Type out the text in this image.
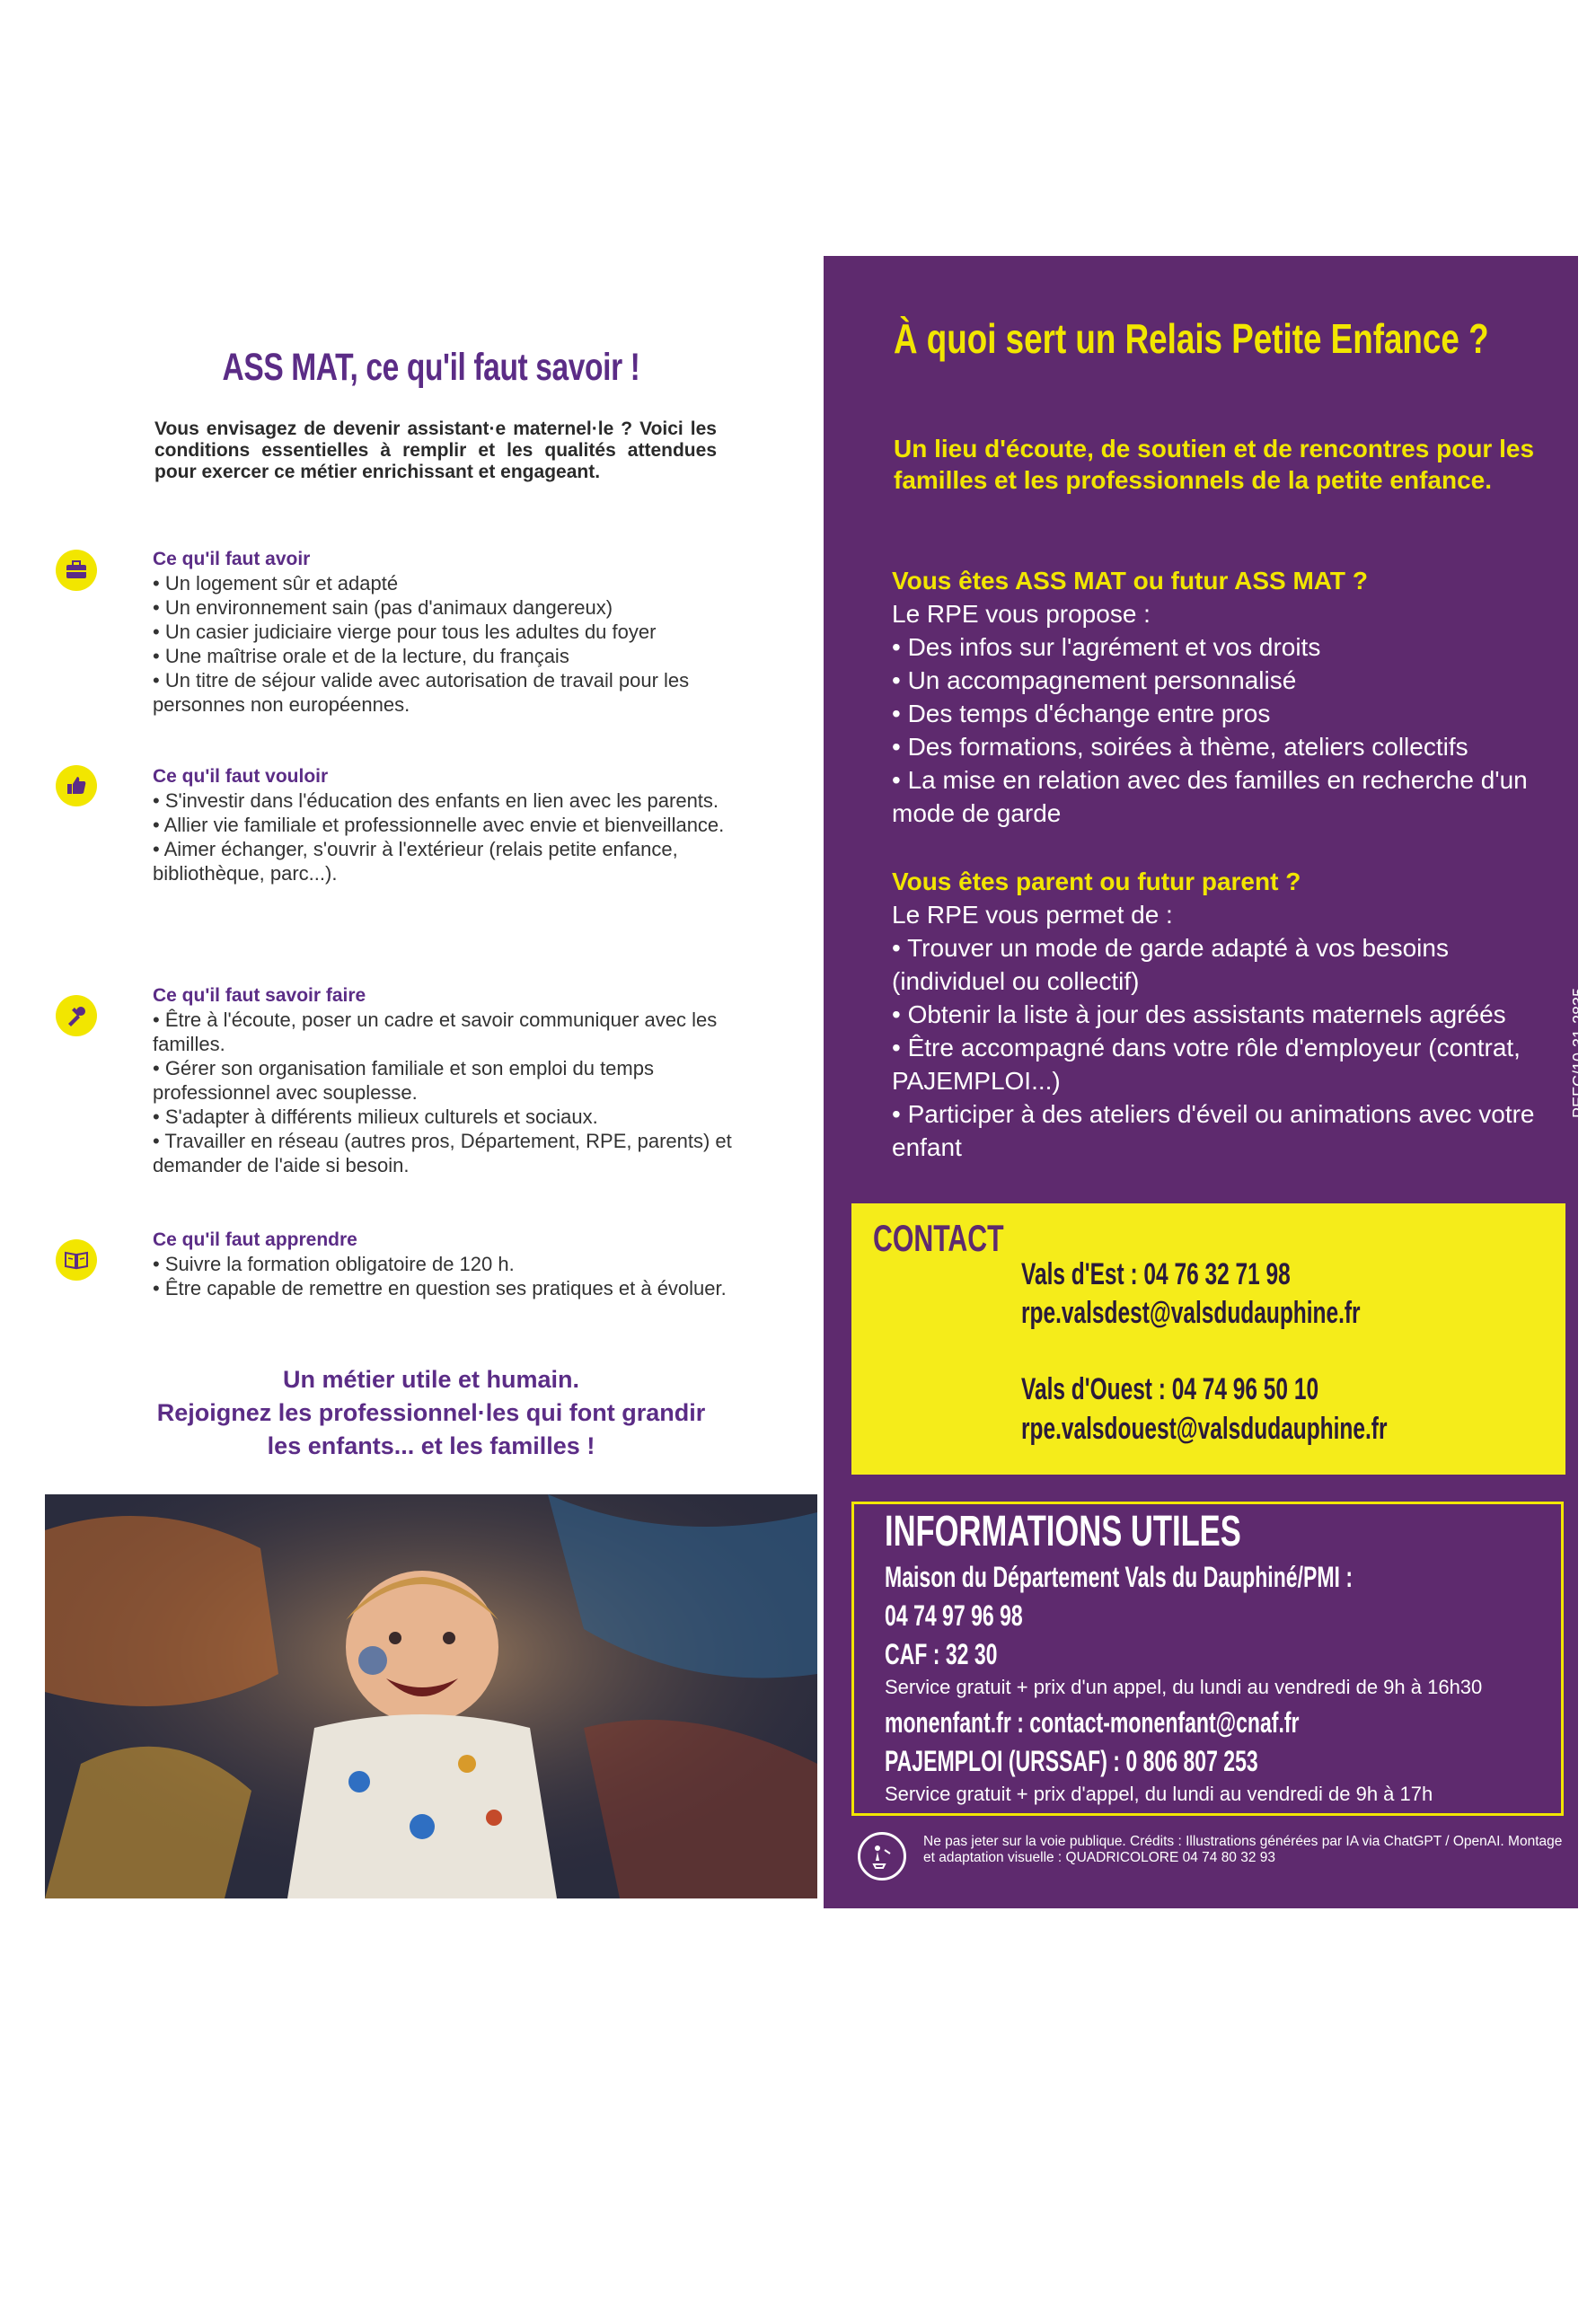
ASS MAT, ce qu'il faut savoir !
Vous envisagez de devenir assistant·e maternel·le ? Voici les conditions essentielles à remplir et les qualités attendues pour exercer ce métier enrichissant et engageant.
Ce qu'il faut avoir
• Un logement sûr et adapté
• Un environnement sain (pas d'animaux dangereux)
• Un casier judiciaire vierge pour tous les adultes du foyer
• Une maîtrise orale et de la lecture, du français
• Un titre de séjour valide avec autorisation de travail pour les personnes non européennes.
Ce qu'il faut vouloir
• S'investir dans l'éducation des enfants en lien avec les parents.
• Allier vie familiale et professionnelle avec envie et bienveillance.
• Aimer échanger, s'ouvrir à l'extérieur (relais petite enfance, bibliothèque, parc...).
Ce qu'il faut savoir faire
• Être à l'écoute, poser un cadre et savoir communiquer avec les familles.
• Gérer son organisation familiale et son emploi du temps professionnel avec souplesse.
• S'adapter à différents milieux culturels et sociaux.
• Travailler en réseau (autres pros, Département, RPE, parents) et demander de l'aide si besoin.
Ce qu'il faut apprendre
• Suivre la formation obligatoire de 120 h.
• Être capable de remettre en question ses pratiques et à évoluer.
Un métier utile et humain.
Rejoignez les professionnel·les qui font grandir
les enfants... et les familles !
À quoi sert un Relais Petite Enfance ?
Un lieu d'écoute, de soutien et de rencontres pour les familles et les professionnels de la petite enfance.
Vous êtes ASS MAT ou futur ASS MAT ?
Le RPE vous propose :
• Des infos sur l'agrément et vos droits
• Un accompagnement personnalisé
• Des temps d'échange entre pros
• Des formations, soirées à thème, ateliers collectifs
• La mise en relation avec des familles en recherche d'un mode de garde
Vous êtes parent ou futur parent ?
Le RPE vous permet de :
• Trouver un mode de garde adapté à vos besoins (individuel ou collectif)
• Obtenir la liste à jour des assistants maternels agréés
• Être accompagné dans votre rôle d'employeur (contrat, PAJEMPLOI...)
• Participer à des ateliers d'éveil ou animations avec votre enfant
PEFC/10-31-2835
CONTACT
Vals d'Est : 04 76 32 71 98
rpe.valsdest@valsdudauphine.fr
Vals d'Ouest : 04 74 96 50 10
rpe.valsdouest@valsdudauphine.fr
INFORMATIONS UTILES
Maison du Département Vals du Dauphiné/PMI :
04 74 97 96 98
CAF : 32 30
Service gratuit + prix d'un appel, du lundi au vendredi de 9h à 16h30
monenfant.fr : contact-monenfant@cnaf.fr
PAJEMPLOI (URSSAF) : 0 806 807 253
Service gratuit + prix d'appel, du lundi au vendredi de 9h à 17h
Ne pas jeter sur la voie publique. Crédits : Illustrations générées par IA via ChatGPT / OpenAI. Montage et adaptation visuelle : QUADRICOLORE 04 74 80 32 93
